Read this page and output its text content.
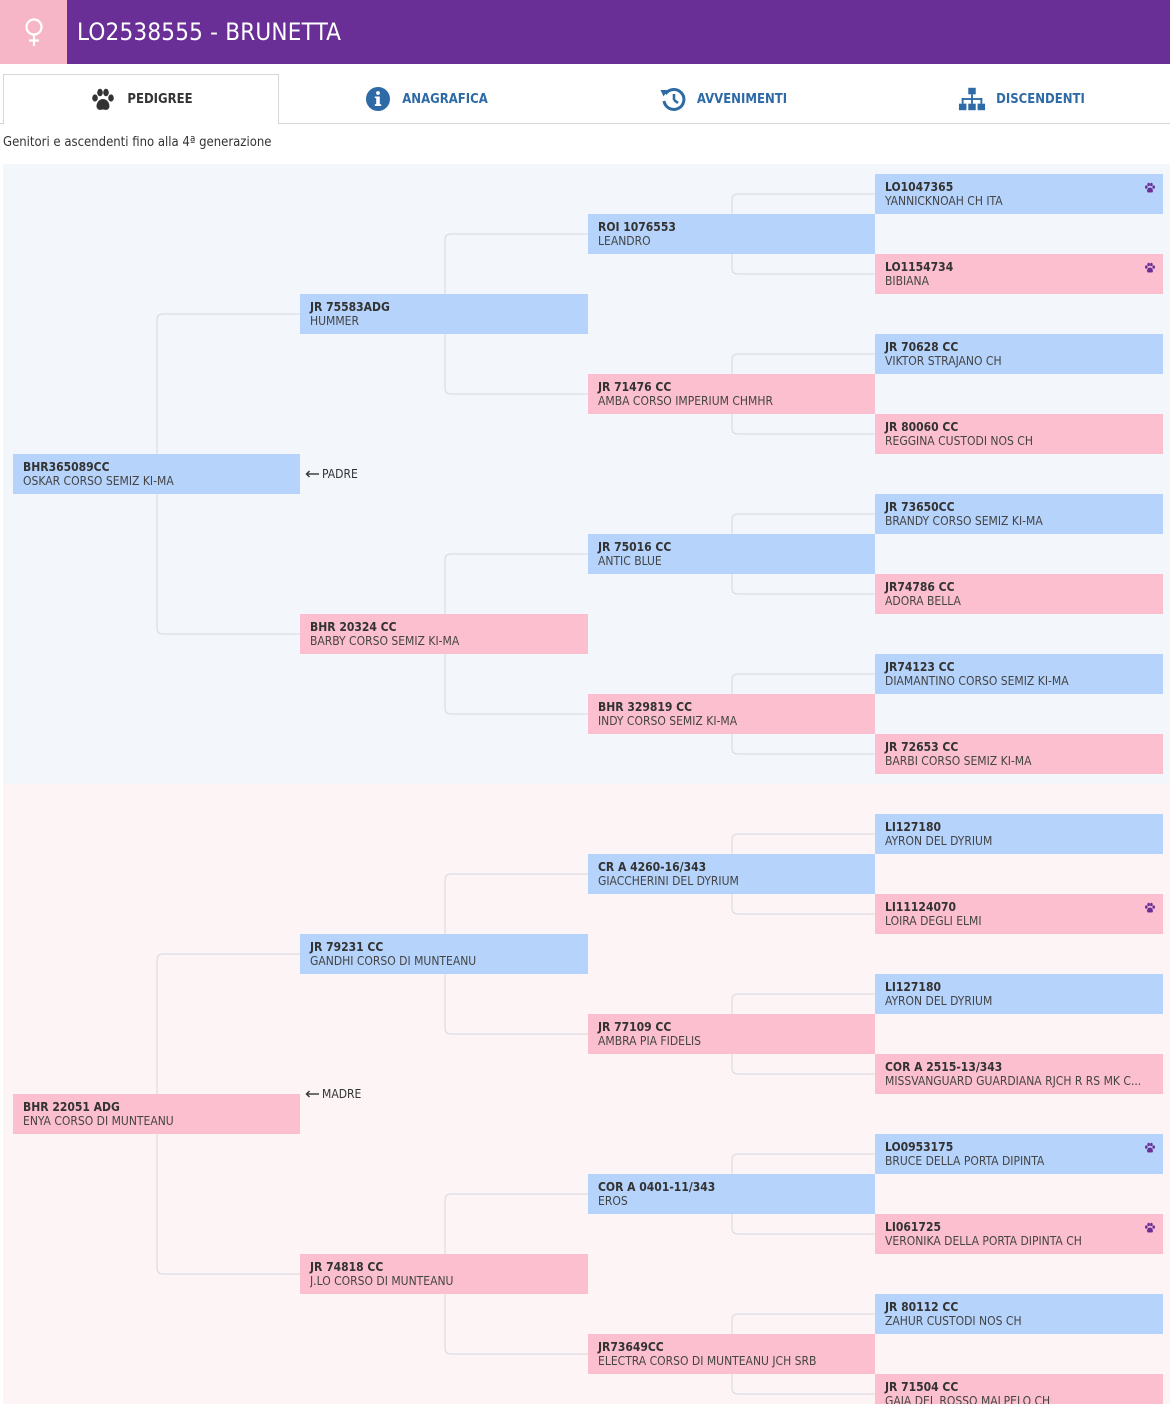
LO2538555 - BRUNETTA
PEDIGREE	ANAGRAFICA	AVVENIMENTI	DISCENDENTI
Genitori e ascendenti fino alla 4ª generazione
BHR365089CC
OSKAR CORSO SEMIZ KI-MA
BHR 22051 ADG
ENYA CORSO DI MUNTEANU
JR 75583ADG
HUMMER
BHR 20324 CC
BARBY CORSO SEMIZ KI-MA
JR 79231 CC
GANDHI CORSO DI MUNTEANU
JR 74818 CC
J.LO CORSO DI MUNTEANU
ROI 1076553
LEANDRO
JR 71476 CC
AMBA CORSO IMPERIUM CHMHR
JR 75016 CC
ANTIC BLUE
BHR 329819 CC
INDY CORSO SEMIZ KI-MA
CR A 4260-16/343
GIACCHERINI DEL DYRIUM
JR 77109 CC
AMBRA PIA FIDELIS
COR A 0401-11/343
EROS
JR73649CC
ELECTRA CORSO DI MUNTEANU JCH SRB
LO1047365
YANNICKNOAH CH ITA
LO1154734
BIBIANA
JR 70628 CC
VIKTOR STRAJANO CH
JR 80060 CC
REGGINA CUSTODI NOS CH
JR 73650CC
BRANDY CORSO SEMIZ KI-MA
JR74786 CC
ADORA BELLA
JR74123 CC
DIAMANTINO CORSO SEMIZ KI-MA
JR 72653 CC
BARBI CORSO SEMIZ KI-MA
LI127180
AYRON DEL DYRIUM
LI11124070
LOIRA DEGLI ELMI
LI127180
AYRON DEL DYRIUM
COR A 2515-13/343
MISSVANGUARD GUARDIANA RJCH R RS MK C...
LO0953175
BRUCE DELLA PORTA DIPINTA
LI061725
VERONIKA DELLA PORTA DIPINTA CH
JR 80112 CC
ZAHUR CUSTODI NOS CH
JR 71504 CC
GAIA DEL ROSSO MALPELO CH
PADRE
MADRE
